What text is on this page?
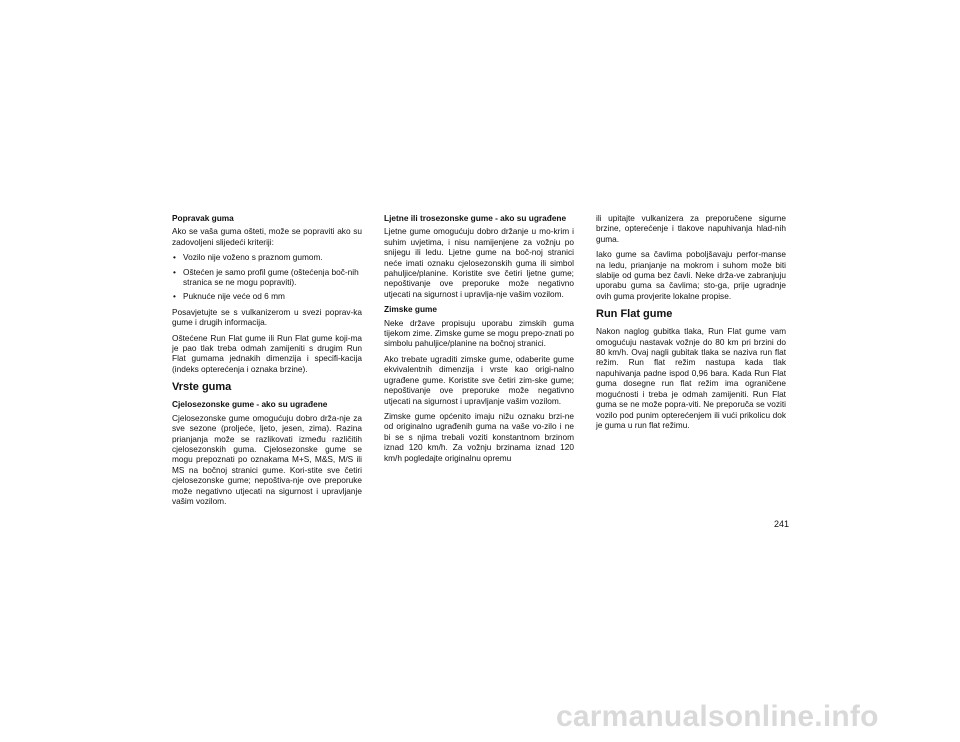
Popravak guma

Ako se vaša guma ošteti, može se popraviti ako su zadovoljeni slijedeći kriteriji:

• Vozilo nije voženo s praznom gumom.
• Oštećen je samo profil gume (oštećenja boč-nih stranica se ne mogu popraviti).
• Puknuće nije veće od 6 mm

Posavjetujte se s vulkanizerom u svezi poprav-ka gume i drugih informacija.

Oštećene Run Flat gume ili Run Flat gume koji-ma je pao tlak treba odmah zamijeniti s drugim Run Flat gumama jednakih dimenzija i specifi-kacija (indeks opterećenja i oznaka brzine).

Vrste guma

Cjelosezonske gume - ako su ugrađene

Cjelosezonske gume omogućuju dobro drža-nje za sve sezone (proljeće, ljeto, jesen, zima). Razina prianjanja može se razlikovati između različitih cjelosezonskih guma. Cjelosezonske gume se mogu prepoznati po oznakama M+S, M&S, M/S ili MS na bočnoj stranici gume. Kori-stite sve četiri cjelosezonske gume; nepoštiva-nje ove preporuke može negativno utjecati na sigurnost i upravljanje vašim vozilom.

Ljetne ili trosezonske gume - ako su ugrađene

Ljetne gume omogućuju dobro držanje u mo-krim i suhim uvjetima, i nisu namijenjene za vožnju po snijegu ili ledu. Ljetne gume na boč-noj stranici neće imati oznaku cjelosezonskih guma ili simbol pahuljice/planine. Koristite sve četiri ljetne gume; nepoštivanje ove preporuke može negativno utjecati na sigurnost i upravlja-nje vašim vozilom.

Zimske gume

Neke države propisuju uporabu zimskih guma tijekom zime. Zimske gume se mogu prepo-znati po simbolu pahuljice/planine na bočnoj stranici.

Ako trebate ugraditi zimske gume, odaberite gume ekvivalentnih dimenzija i vrste kao origi-nalno ugrađene gume. Koristite sve četiri zim-ske gume; nepoštivanje ove preporuke može negativno utjecati na sigurnost i upravljanje vašim vozilom.

Zimske gume općenito imaju nižu oznaku brzi-ne od originalno ugrađenih guma na vaše vo-zilo i ne bi se s njima trebali voziti konstantnom brzinom iznad 120 km/h. Za vožnju brzinama iznad 120 km/h pogledajte originalnu opremu

ili upitajte vulkanizera za preporučene sigurne brzine, opterećenje i tlakove napuhivanja hlad-nih guma.

Iako gume sa čavlima poboljšavaju perfor-manse na ledu, prianjanje na mokrom i suhom može biti slabije od guma bez čavli. Neke drža-ve zabranjuju uporabu guma sa čavlima; sto-ga, prije ugradnje ovih guma provjerite lokalne propise.

Run Flat gume

Nakon naglog gubitka tlaka, Run Flat gume vam omogućuju nastavak vožnje do 80 km pri brzini do 80 km/h. Ovaj nagli gubitak tlaka se naziva run flat režim. Run flat režim nastupa kada tlak napuhivanja padne ispod 0,96 bara. Kada Run Flat guma dosegne run flat režim ima ograničene mogućnosti i treba je odmah zamijeniti. Run Flat guma se ne može popra-viti. Ne preporuča se voziti vozilo pod punim opterećenjem ili vući prikolicu dok je guma u run flat režimu.

241
carmanualsonline.info
